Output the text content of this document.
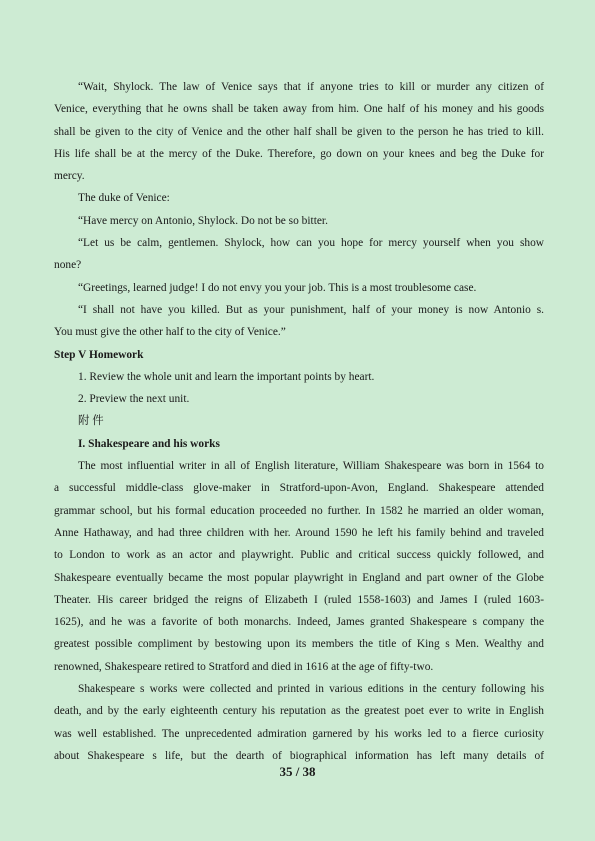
“Wait, Shylock. The law of Venice says that if anyone tries to kill or murder any citizen of
Venice, everything that he owns shall be taken away from him. One half of his money and his goods
shall be given to the city of Venice and the other half shall be given to the person he has tried to kill.
His life shall be at the mercy of the Duke. Therefore, go down on your knees and beg the Duke for
mercy.
The duke of Venice:
“Have mercy on Antonio, Shylock. Do not be so bitter.
“Let us be calm, gentlemen. Shylock, how can you hope for mercy yourself when you show
none?
“Greetings, learned judge! I do not envy you your job. This is a most troublesome case.
“I shall not have you killed. But as your punishment, half of your money is now Antonio s.
You must give the other half to the city of Venice.”
Step V Homework
1. Review the whole unit and learn the important points by heart.
2. Preview the next unit.
附 件
I. Shakespeare and his works
The most influential writer in all of English literature, William Shakespeare was born in 1564 to
a successful middle-class glove-maker in Stratford-upon-Avon, England. Shakespeare attended
grammar school, but his formal education proceeded no further. In 1582 he married an older woman,
Anne Hathaway, and had three children with her. Around 1590 he left his family behind and traveled
to London to work as an actor and playwright. Public and critical success quickly followed, and
Shakespeare eventually became the most popular playwright in England and part owner of the Globe
Theater. His career bridged the reigns of Elizabeth I (ruled 1558-1603) and James I (ruled 1603-
1625), and he was a favorite of both monarchs. Indeed, James granted Shakespeare s company the
greatest possible compliment by bestowing upon its members the title of King s Men. Wealthy and
renowned, Shakespeare retired to Stratford and died in 1616 at the age of fifty-two.
Shakespeare s works were collected and printed in various editions in the century following his
death, and by the early eighteenth century his reputation as the greatest poet ever to write in English
was well established. The unprecedented admiration garnered by his works led to a fierce curiosity
about Shakespeare s life, but the dearth of biographical information has left many details of
35 / 38
